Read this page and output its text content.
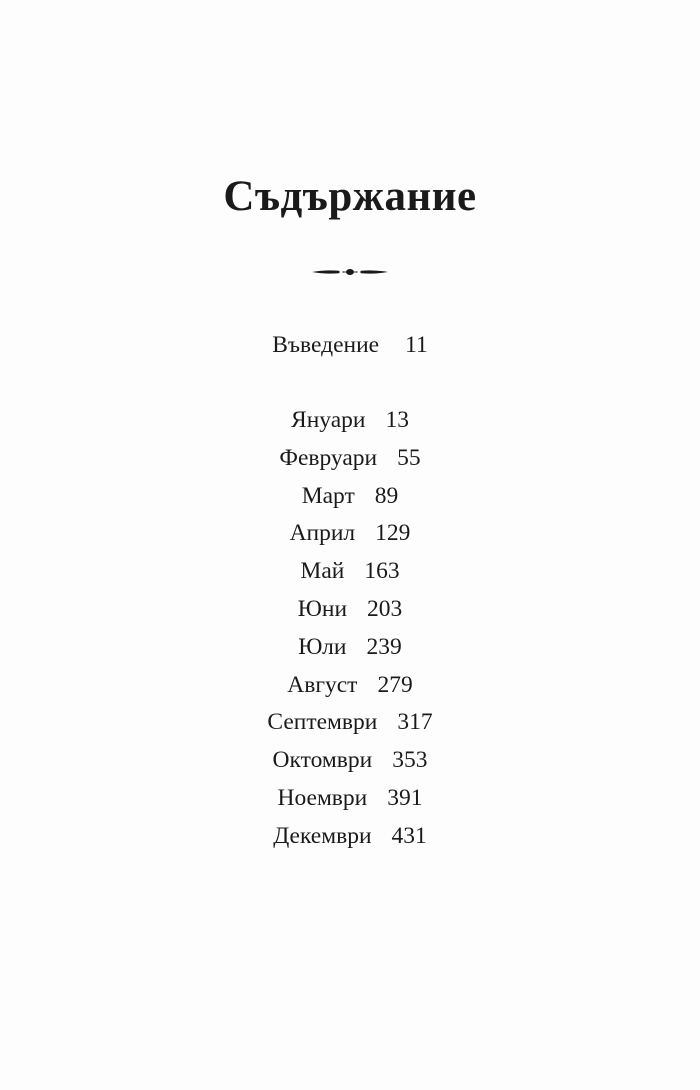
Съдържание
Въведение 11
Януари 13
Февруари 55
Март 89
Април 129
Май 163
Юни 203
Юли 239
Август 279
Септември 317
Октомври 353
Ноември 391
Декември 431
